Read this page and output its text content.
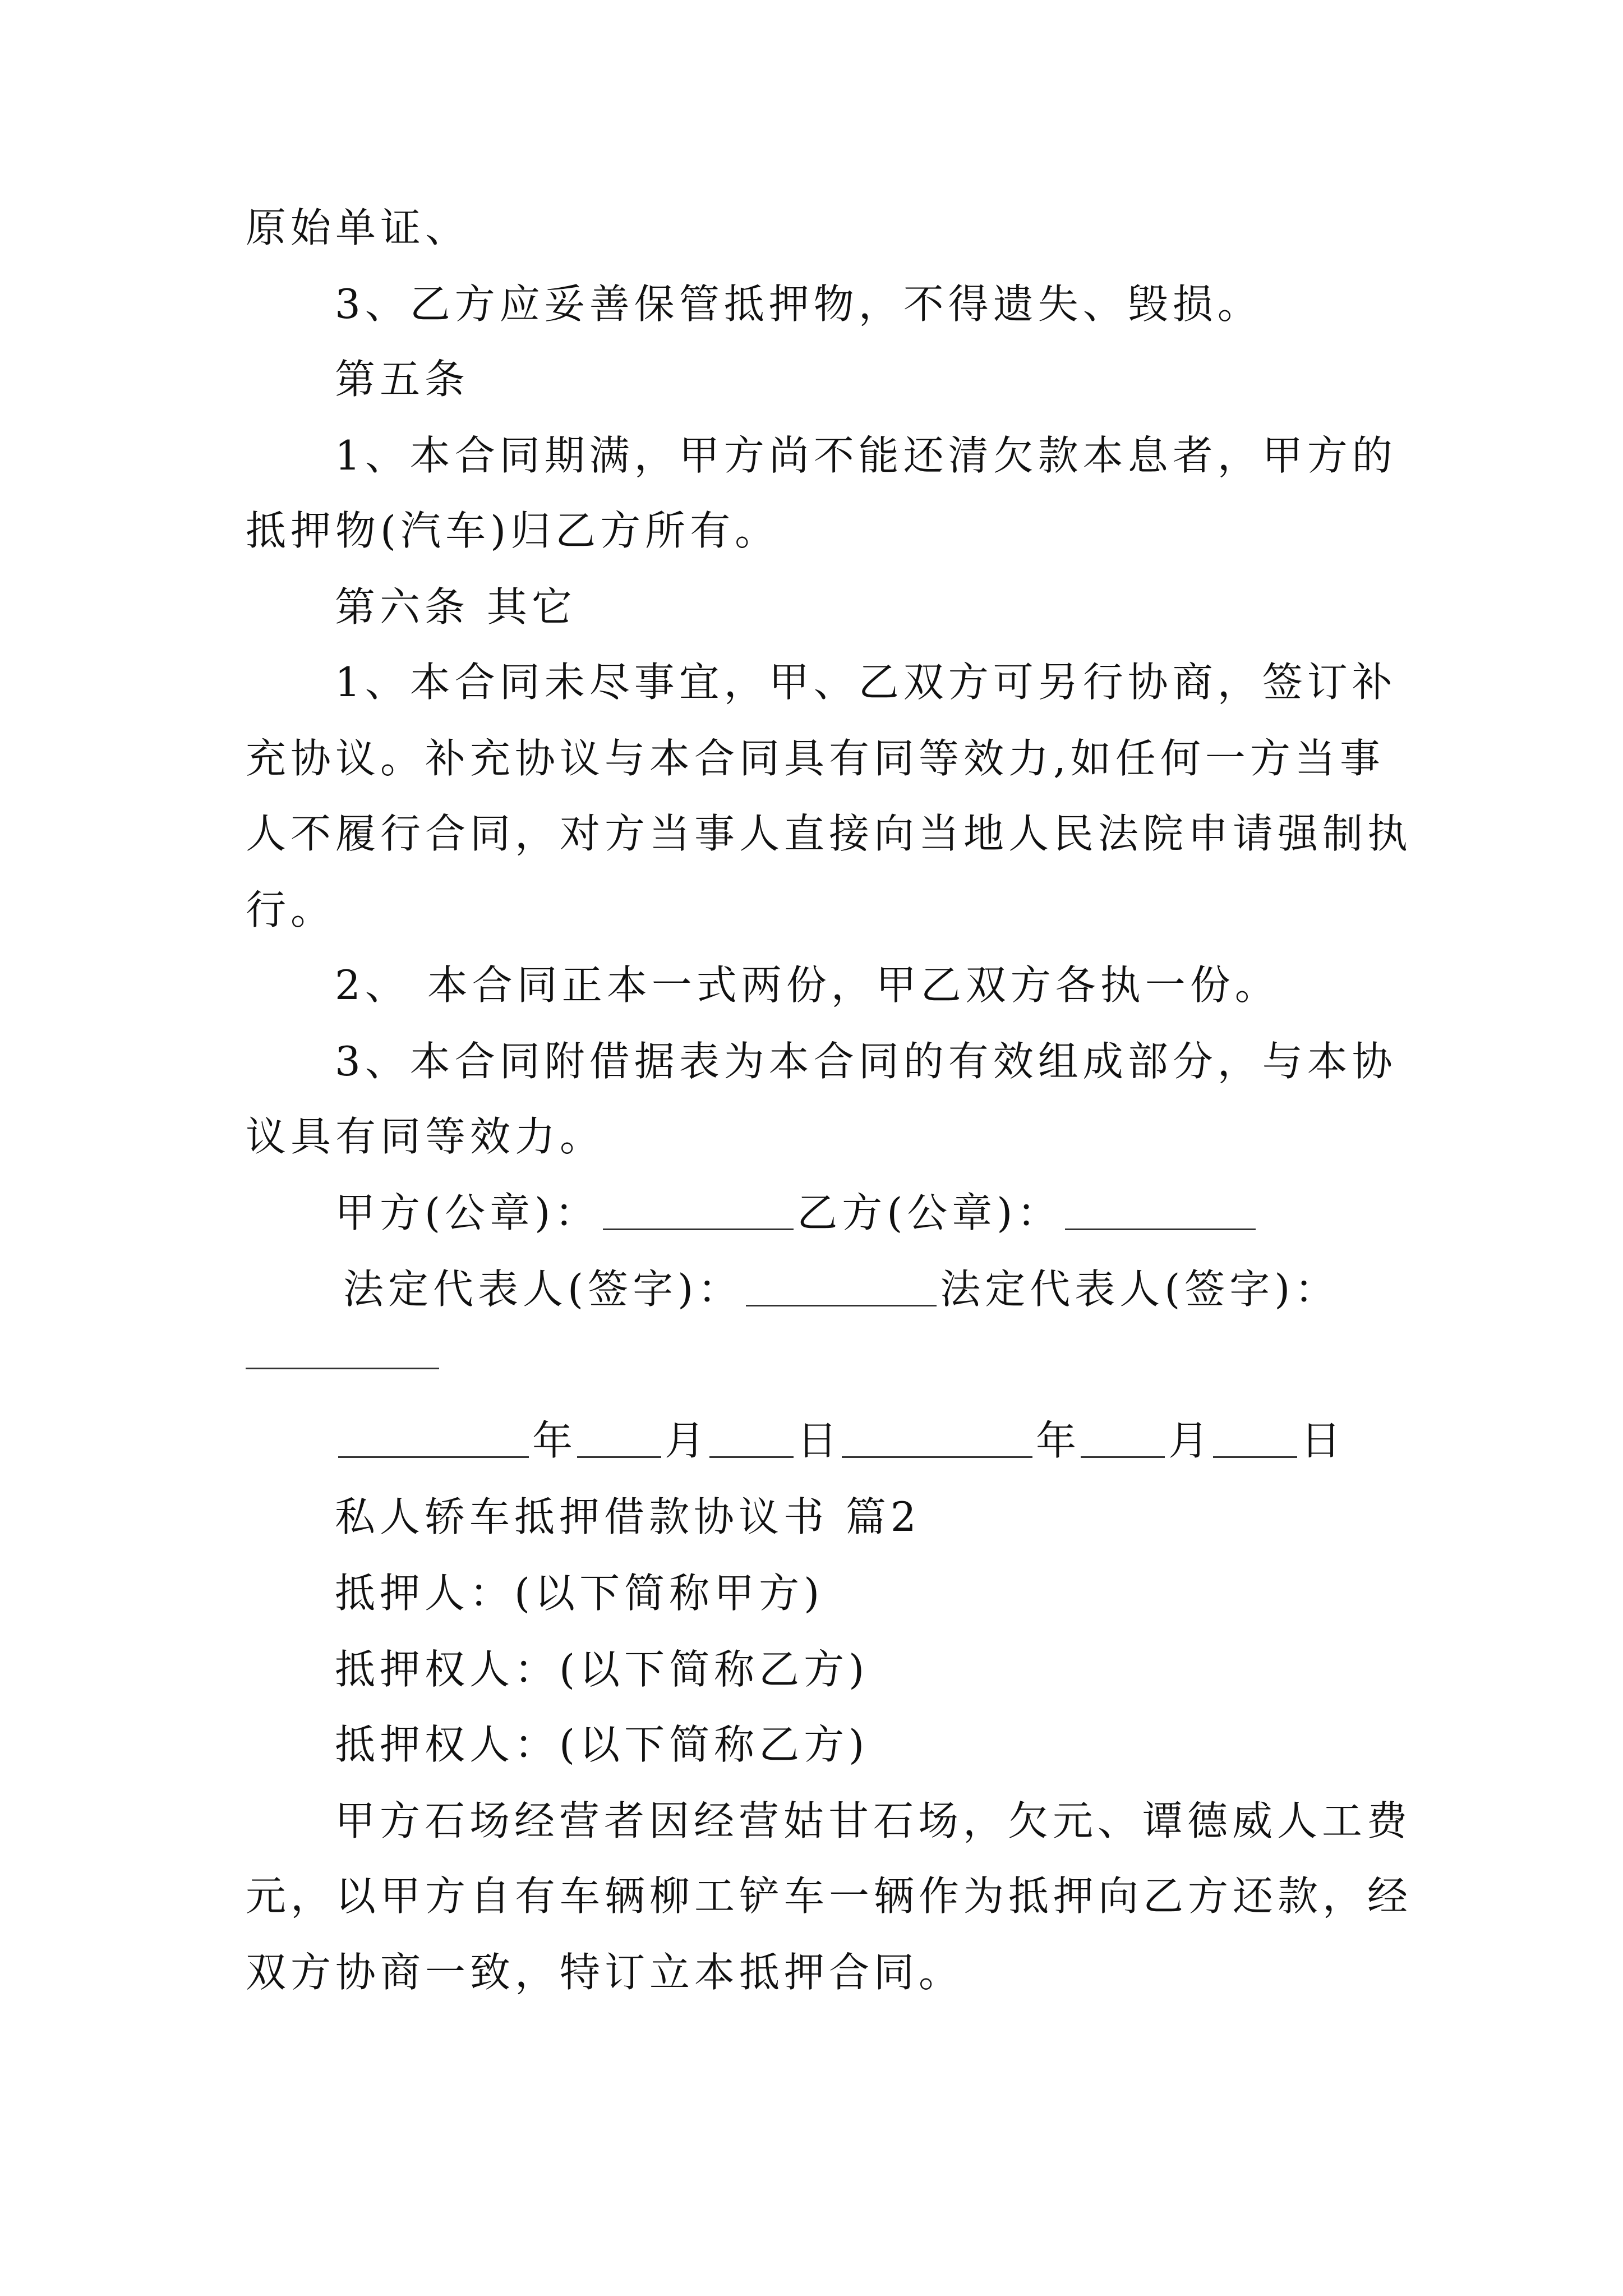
原始单证、
3、乙方应妥善保管抵押物，不得遗失、毁损。
第五条
1、本合同期满，甲方尚不能还清欠款本息者，甲方的
抵押物(汽车)归乙方所有。
第六条 其它
1、本合同未尽事宜，甲、乙双方可另行协商，签订补
充协议。补充协议与本合同具有同等效力,如任何一方当事
人不履行合同，对方当事人直接向当地人民法院申请强制执
行。
2、 本合同正本一式两份，甲乙双方各执一份。
3、本合同附借据表为本合同的有效组成部分，与本协
议具有同等效力。
甲方(公章)：	乙方(公章)：
法定代表人(签字)：	法定代表人(签字)：
年 月 日	年 月 日
私人轿车抵押借款协议书 篇2
抵押人：(以下简称甲方)
抵押权人：(以下简称乙方)
抵押权人：(以下简称乙方)
甲方石场经营者因经营姑甘石场，欠元、谭德威人工费
元，以甲方自有车辆柳工铲车一辆作为抵押向乙方还款，经
双方协商一致，特订立本抵押合同。
